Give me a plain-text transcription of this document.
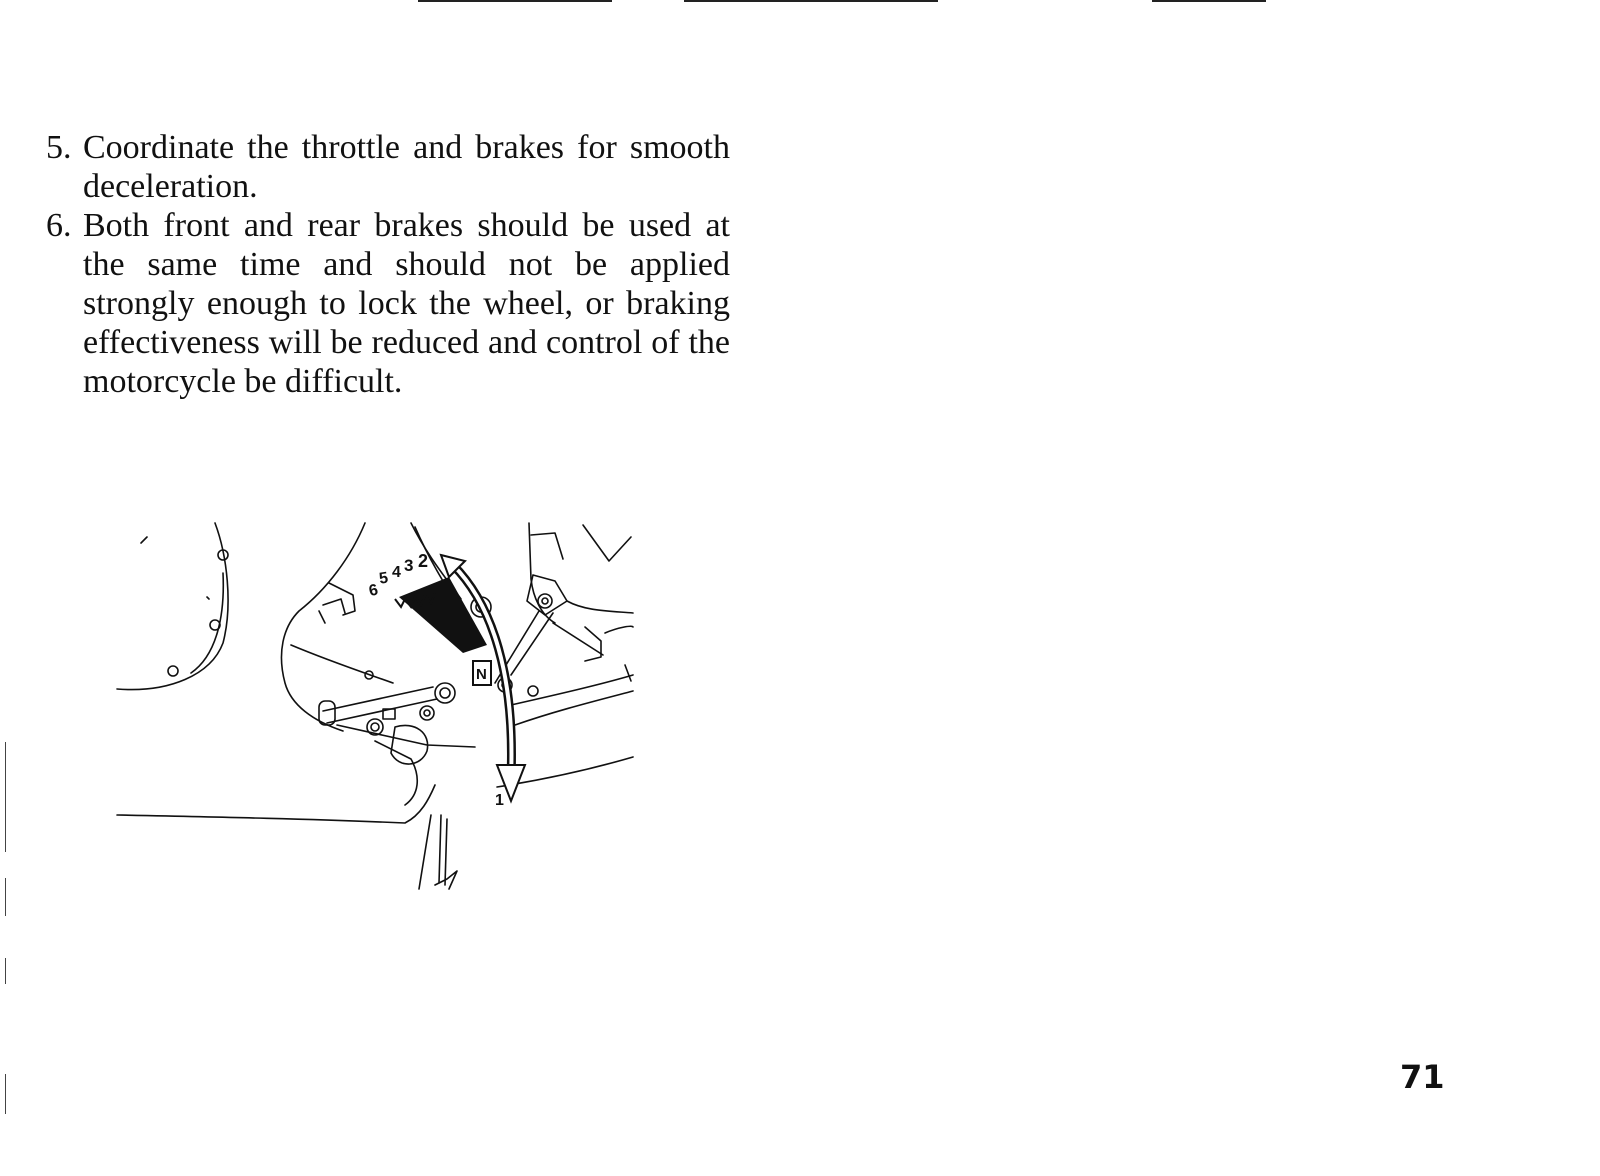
5. Coordinate the throttle and brakes for smooth deceleration.
6. Both front and rear brakes should be used at the same time and should not be applied strongly enough to lock the wheel, or braking effectiveness will be reduced and control of the motorcycle be difficult.
6
5 4 3 2
N
1
71
